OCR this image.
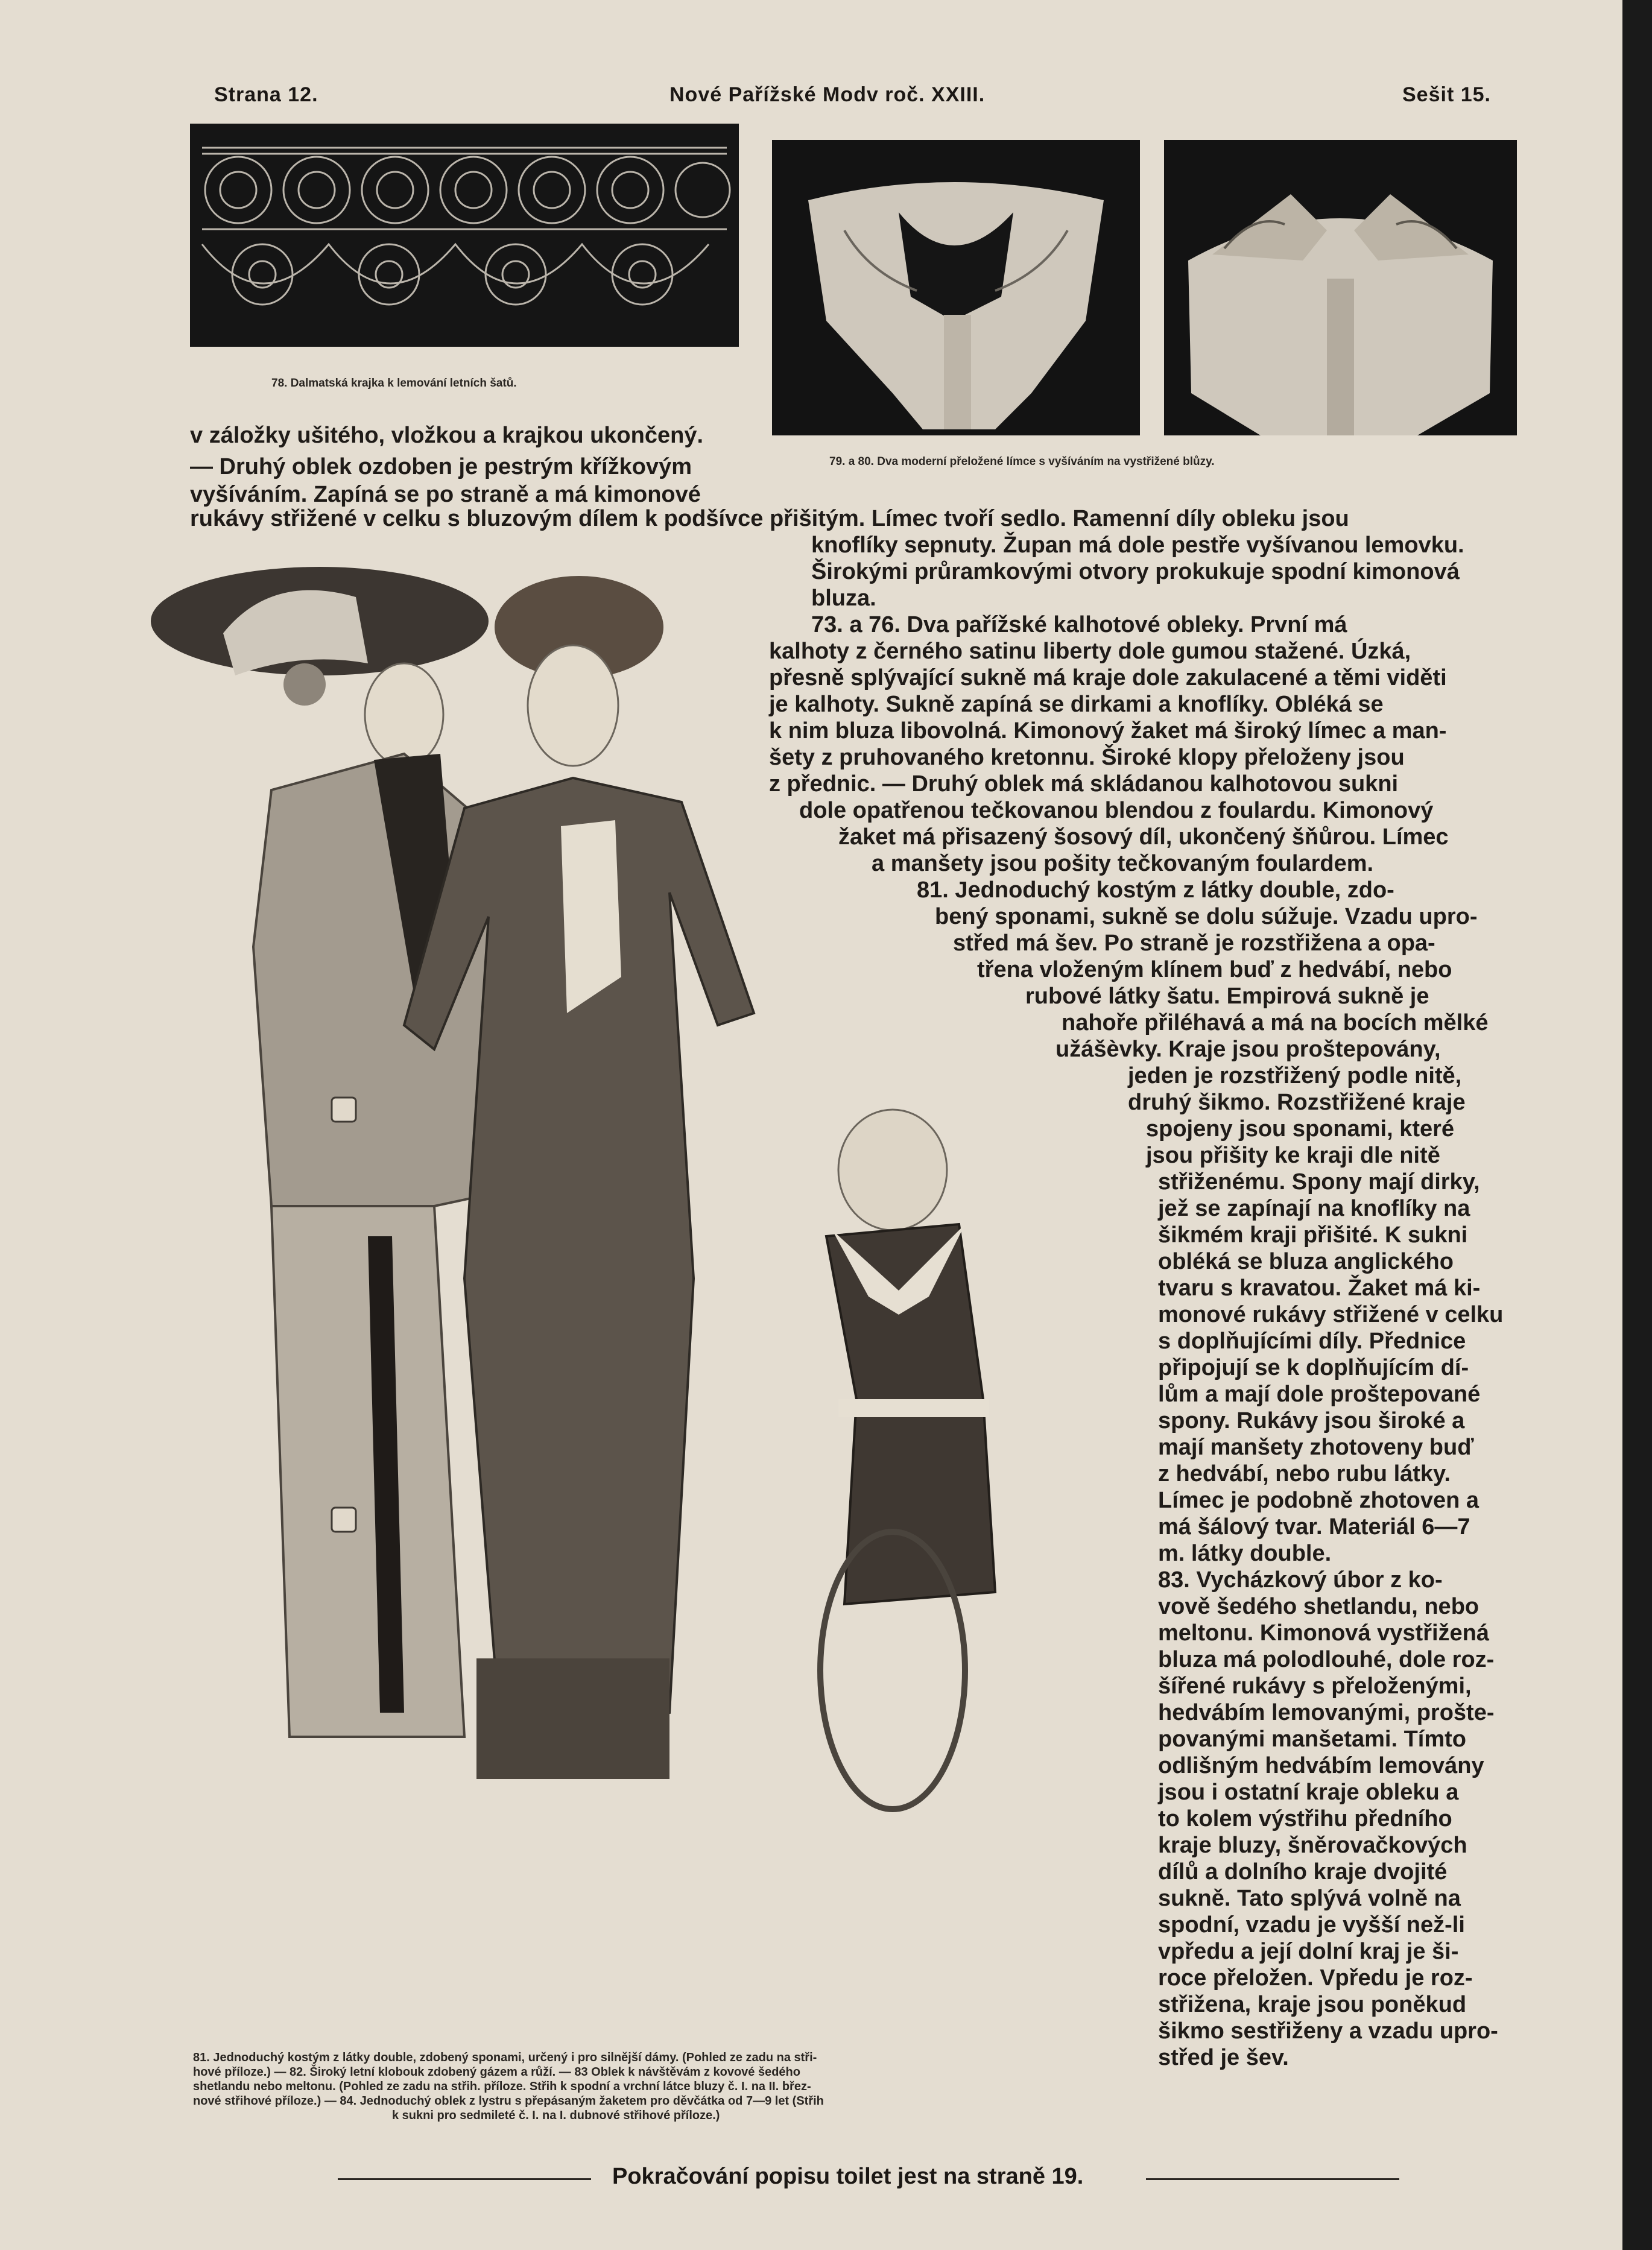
Strana 12.	Nové Pařížské Modv roč. XXIII.	Sešit 15.
78. Dalmatská krajka k lemování letních šatů.
79. a 80. Dva moderní přeložené límce s vyšíváním na vystřižené blůzy.
v záložky ušitého, vložkou a krajkou ukončený.
— Druhý oblek ozdoben je pestrým křížkovým
vyšíváním. Zapíná se po straně a má kimonové
rukávy střižené v celku s bluzovým dílem k podšívce přišitým. Límec tvoří sedlo. Ramenní díly obleku jsou
knoflíky sepnuty. Župan má dole pestře vyšívanou lemovku.
Širokými průramkovými otvory prokukuje spodní kimonová
bluza.
73. a 76. Dva pařížské kalhotové obleky. První má
kalhoty z černého satinu liberty dole gumou stažené. Úzká,
přesně splývající sukně má kraje dole zakulacené a těmi viděti
je kalhoty. Sukně zapíná se dirkami a knoflíky. Obléká se
k nim bluza libovolná. Kimonový žaket má široký límec a man-
šety z pruhovaného kretonnu. Široké klopy přeloženy jsou
z přednic. — Druhý oblek má skládanou kalhotovou sukni
dole opatřenou tečkovanou blendou z foulardu. Kimonový
žaket má přisazený šosový díl, ukončený šňůrou. Límec
a manšety jsou pošity tečkovaným foulardem.
81. Jednoduchý kostým z látky double, zdo-
bený sponami, sukně se dolu súžuje. Vzadu upro-
střed má šev. Po straně je rozstřižena a opa-
třena vloženým klínem buď z hedvábí, nebo
rubové látky šatu. Empirová sukně je
nahoře přiléhavá a má na bocích mělké
užášèvky. Kraje jsou proštepovány,
jeden je rozstřižený podle nitě,
druhý šikmo. Rozstřižené kraje
spojeny jsou sponami, které
jsou přišity ke kraji dle nitě
střiženému. Spony mají dirky,
jež se zapínají na knoflíky na
šikmém kraji přišité. K sukni
obléká se bluza anglického
tvaru s kravatou. Žaket má ki-
monové rukávy střižené v celku
s doplňujícími díly. Přednice
připojují se k doplňujícím dí-
lům a mají dole proštepované
spony. Rukávy jsou široké a
mají manšety zhotoveny buď
z hedvábí, nebo rubu látky.
Límec je podobně zhotoven a
má šálový tvar. Materiál 6—7
m. látky double.
83. Vycházkový úbor z ko-
vově šedého shetlandu, nebo
meltonu. Kimonová vystřižená
bluza má polodlouhé, dole roz-
šířené rukávy s přeloženými,
hedvábím lemovanými, prošte-
povanými manšetami. Tímto
odlišným hedvábím lemovány
jsou i ostatní kraje obleku a
to kolem výstřihu předního
kraje bluzy, šněrovačkových
dílů a dolního kraje dvojité
sukně. Tato splývá volně na
spodní, vzadu je vyšší než-li
vpředu a její dolní kraj je ši-
roce přeložen. Vpředu je roz-
střižena, kraje jsou poněkud
šikmo sestřiženy a vzadu upro-
střed je šev.
81. Jednoduchý kostým z látky double, zdobený sponami, určený i pro silnější dámy. (Pohled ze zadu na stři-
hové příloze.) — 82. Široký letní klobouk zdobený gázem a růží. — 83 Oblek k návštěvám z kovové šedého
shetlandu nebo meltonu. (Pohled ze zadu na střih. příloze. Střih k spodní a vrchní látce bluzy č. I. na II. břez-
nové střihové příloze.) — 84. Jednoduchý oblek z lystru s přepásaným žaketem pro děvčátka od 7—9 let (Střih
k sukni pro sedmileté č. I. na I. dubnové střihové příloze.)
Pokračování popisu toilet jest na straně 19.
